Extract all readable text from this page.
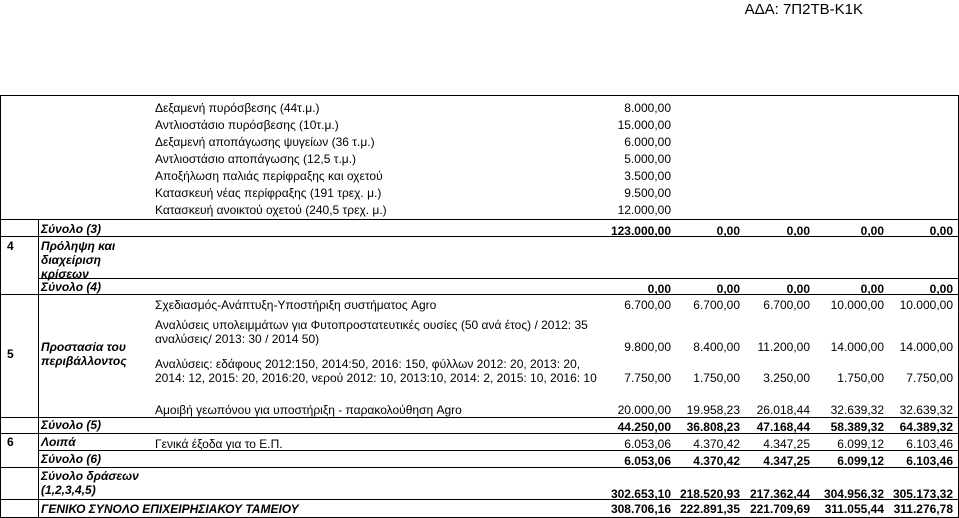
ΑΔΑ: 7Π2ΤΒ-Κ1Κ
Δεξαμενή πυρόσβεσης (44τ.μ.)	8.000,00
Αντλιοστάσιο πυρόσβεσης (10τ.μ.)	15.000,00
Δεξαμενή αποπάγωσης ψυγείων (36 τ.μ.)	6.000,00
Αντλιοστάσιο αποπάγωσης (12,5 τ.μ.)	5.000,00
Αποξήλωση παλιάς περίφραξης και οχετού	3.500,00
Κατασκευή νέας περίφραξης (191 τρεχ. μ.)	9.500,00
Κατασκευή ανοικτού οχετού (240,5 τρεχ. μ.)	12.000,00
Σύνολο (3)	123.000,00	0,00	0,00	0,00	0,00
4 Πρόληψη και
διαχείριση
κρίσεων
Σύνολο (4)	0,00	0,00	0,00	0,00	0,00
5 Προστασία του
περιβάλλοντος
Σχεδιασμός-Ανάπτυξη-Υποστήριξη συστήματος Agro	6.700,00	6.700,00	6.700,00	10.000,00	10.000,00
Αναλύσεις υπολειμμάτων για Φυτοπροστατευτικές ουσίες (50 ανά έτος) / 2012: 35
αναλύσεις/ 2013: 30 / 2014 50)
9.800,00	8.400,00	11.200,00	14.000,00	14.000,00
Αναλύσεις: εδάφους 2012:150, 2014:50, 2016: 150, φύλλων 2012: 20, 2013: 20,
2014: 12, 2015: 20, 2016:20, νερού 2012: 10, 2013:10, 2014: 2, 2015: 10, 2016: 10	7.750,00	1.750,00	3.250,00	1.750,00	7.750,00
Αμοιβή γεωπόνου για υποστήριξη - παρακολούθηση Agro	20.000,00	19.958,23	26.018,44	32.639,32	32.639,32
Σύνολο (5)	44.250,00	36.808,23	47.168,44	58.389,32	64.389,32
6 Λοιπά	Γενικά έξοδα για το Ε.Π.	6.053,06	4.370,42	4.347,25	6.099,12	6.103,46
Σύνολο (6)	6.053,06	4.370,42	4.347,25	6.099,12	6.103,46
Σύνολο δράσεων
(1,2,3,4,5)	302.653,10 218.520,93 217.362,44	304.956,32 305.173,32
ΓΕΝΙΚΟ ΣΥΝΟΛΟ ΕΠΙΧΕΙΡΗΣΙΑΚΟΥ ΤΑΜΕΙΟΥ	308.706,16 222.891,35 221.709,69	311.055,44 311.276,78
